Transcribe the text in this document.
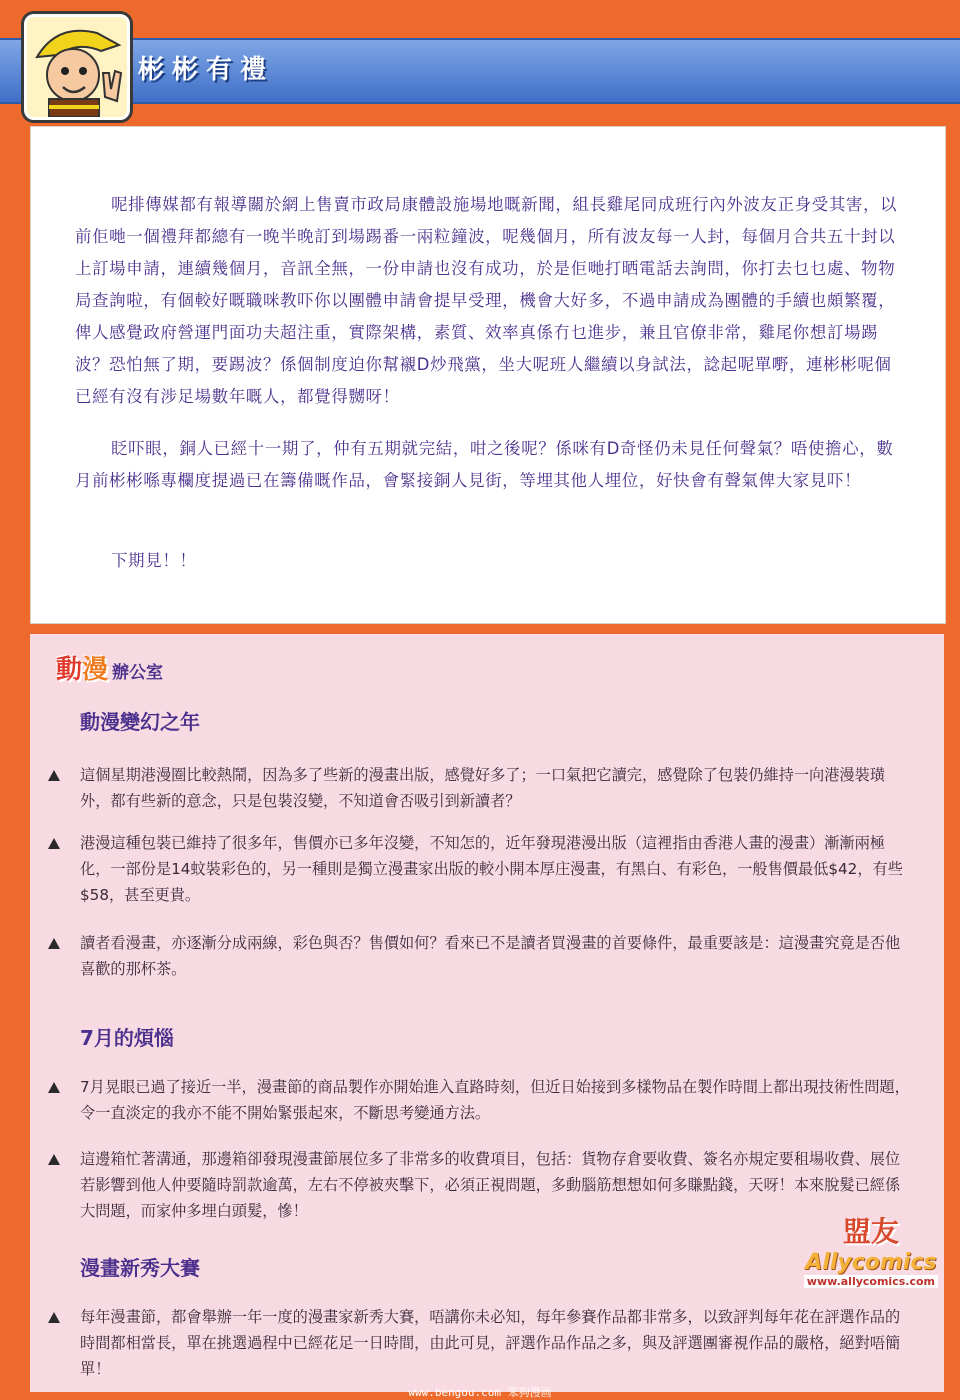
彬彬有禮

呢排傳媒都有報導關於網上售賣市政局康體設施場地嘅新聞，組長雞尾同成班行內外波友正身受其害，以前佢哋一個禮拜都總有一晚半晚訂到場踢番一兩粒鐘波，呢幾個月，所有波友每一人封，每個月合共五十封以上訂場申請，連續幾個月，音訊全無，一份申請也沒有成功，於是佢哋打晒電話去詢問，你打去乜乜處、物物局查詢啦，有個較好嘅職咪教吓你以團體申請會提早受理，機會大好多，不過申請成為團體的手續也頗繁覆，俾人感覺政府營運門面功夫超注重，實際架構，素質、效率真係冇乜進步，兼且官僚非常，雞尾你想訂場踢波？恐怕無了期，要踢波？係個制度迫你幫襯D炒飛黨，坐大呢班人繼續以身試法，諗起呢單嘢，連彬彬呢個已經有沒有涉足場數年嘅人，都覺得嬲呀！

眨吓眼，銅人已經十一期了，仲有五期就完結，咁之後呢？係咪有D奇怪仍未見任何聲氣？唔使擔心，數月前彬彬喺專欄度提過已在籌備嘅作品，會緊接銅人見街，等埋其他人埋位，好快會有聲氣俾大家見吓！

下期見！！

動漫 辦公室
動漫變幻之年
這個星期港漫圈比較熱鬧，因為多了些新的漫畫出版，感覺好多了；一口氣把它讀完，感覺除了包裝仍維持一向港漫裝璜外，都有些新的意念，只是包裝沒變，不知道會否吸引到新讀者？
港漫這種包裝已維持了很多年，售價亦已多年沒變，不知怎的，近年發現港漫出版（這裡指由香港人畫的漫畫）漸漸兩極化，一部份是14蚊裝彩色的，另一種則是獨立漫畫家出版的較小開本厚庄漫畫，有黑白、有彩色，一般售價最低$42，有些$58，甚至更貴。
讀者看漫畫，亦逐漸分成兩線，彩色與否？售價如何？看來已不是讀者買漫畫的首要條件，最重要該是：這漫畫究竟是否他喜歡的那杯茶。
7月的煩惱
7月晃眼已過了接近一半，漫畫節的商品製作亦開始進入直路時刻，但近日始接到多樣物品在製作時間上都出現技術性問題，令一直淡定的我亦不能不開始緊張起來，不斷思考變通方法。
這邊箱忙著溝通，那邊箱卻發現漫畫節展位多了非常多的收費項目，包括：貨物存倉要收費、簽名亦規定要租場收費、展位若影響到他人仲要隨時罰款逾萬，左右不停被夾擊下，必須正視問題，多動腦筋想想如何多賺點錢，天呀！本來脫髮已經係大問題，而家仲多埋白頭髮，慘！
漫畫新秀大賽
每年漫畫節，都會舉辦一年一度的漫畫家新秀大賽，唔講你未必知，每年參賽作品都非常多，以致評判每年花在評選作品的時間都相當長，單在挑選過程中已經花足一日時間，由此可見，評選作品作品之多，與及評選團審視作品的嚴格，絕對唔簡單！
盟友
Allycomics
www.allycomics.com
www.bengou.com 笨狗漫画
